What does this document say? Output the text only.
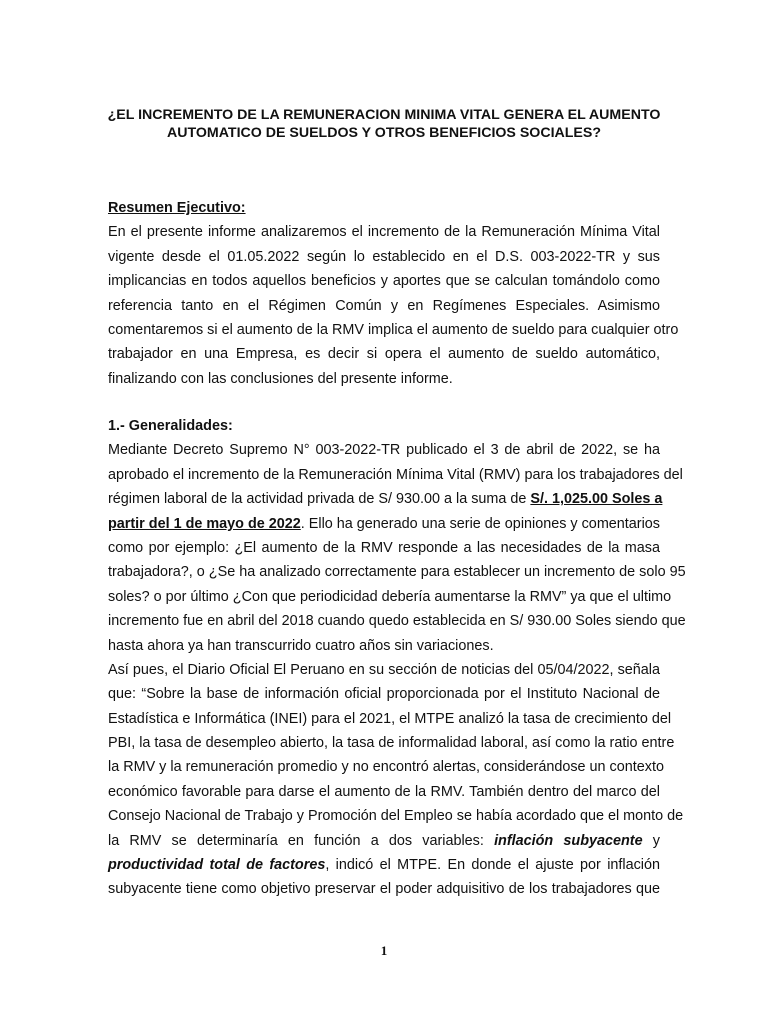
¿EL INCREMENTO DE LA REMUNERACION MINIMA VITAL GENERA EL AUMENTO
AUTOMATICO DE SUELDOS Y OTROS BENEFICIOS SOCIALES?
Resumen Ejecutivo:
En el presente informe analizaremos el incremento de la Remuneración Mínima Vital
vigente desde el 01.05.2022 según lo establecido en el D.S. 003-2022-TR y sus
implicancias en todos aquellos beneficios y aportes que se calculan tomándolo como
referencia tanto en el Régimen Común y en Regímenes Especiales. Asimismo
comentaremos si el aumento de la RMV implica el aumento de sueldo para cualquier otro
trabajador en una Empresa, es decir si opera el aumento de sueldo automático,
finalizando con las conclusiones del presente informe.
1.- Generalidades:
Mediante Decreto Supremo N° 003-2022-TR publicado el 3 de abril de 2022, se ha
aprobado el incremento de la Remuneración Mínima Vital (RMV) para los trabajadores del
régimen laboral de la actividad privada de S/ 930.00 a la suma de S/. 1,025.00 Soles a
partir del 1 de mayo de 2022. Ello ha generado una serie de opiniones y comentarios
como por ejemplo: ¿El aumento de la RMV responde a las necesidades de la masa
trabajadora?, o ¿Se ha analizado correctamente para establecer un incremento de solo 95
soles? o por último ¿Con que periodicidad debería aumentarse la RMV” ya que el ultimo
incremento fue en abril del 2018 cuando quedo establecida en S/ 930.00 Soles siendo que
hasta ahora ya han transcurrido cuatro años sin variaciones.
Así pues, el Diario Oficial El Peruano en su sección de noticias del 05/04/2022, señala
que: “Sobre la base de información oficial proporcionada por el Instituto Nacional de
Estadística e Informática (INEI) para el 2021, el MTPE analizó la tasa de crecimiento del
PBI, la tasa de desempleo abierto, la tasa de informalidad laboral, así como la ratio entre
la RMV y la remuneración promedio y no encontró alertas, considerándose un contexto
económico favorable para darse el aumento de la RMV. También dentro del marco del
Consejo Nacional de Trabajo y Promoción del Empleo se había acordado que el monto de
la RMV se determinaría en función a dos variables: inflación subyacente y
productividad total de factores, indicó el MTPE. En donde el ajuste por inflación
subyacente tiene como objetivo preservar el poder adquisitivo de los trabajadores que
1
